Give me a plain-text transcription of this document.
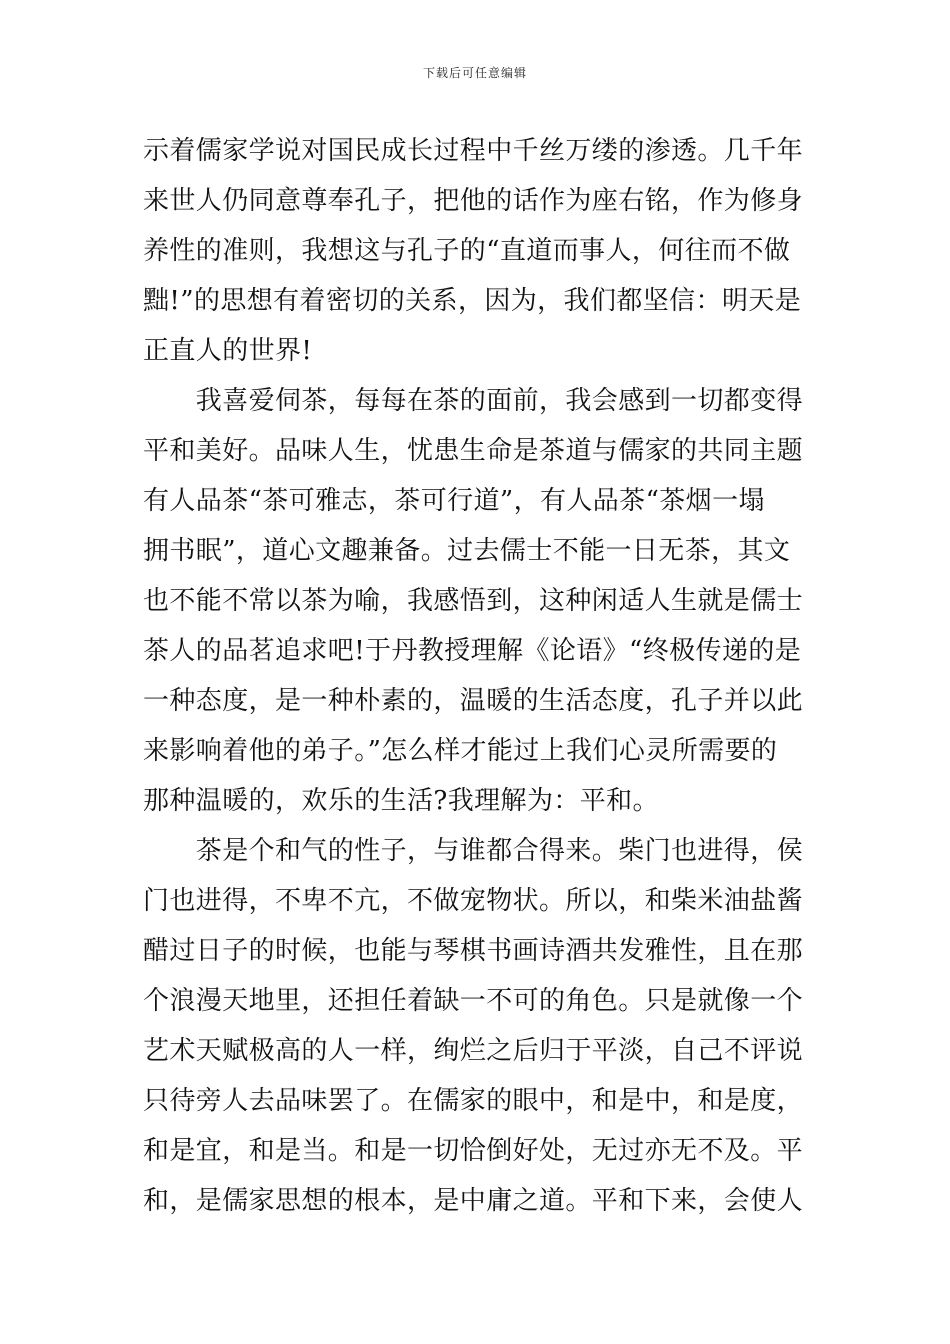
下载后可任意编辑
示着儒家学说对国民成长过程中千丝万缕的渗透。几千年
来世人仍同意尊奉孔子，把他的话作为座右铭，作为修身
养性的准则，我想这与孔子的“直道而事人，何往而不做
黜!”的思想有着密切的关系，因为，我们都坚信：明天是
正直人的世界!
　　我喜爱伺茶，每每在茶的面前，我会感到一切都变得
平和美好。品味人生，忧患生命是茶道与儒家的共同主题
有人品茶“茶可雅志，茶可行道”，有人品茶“茶烟一塌
拥书眠”，道心文趣兼备。过去儒士不能一日无茶，其文
也不能不常以茶为喻，我感悟到，这种闲适人生就是儒士
茶人的品茗追求吧!于丹教授理解《论语》“终极传递的是
一种态度，是一种朴素的，温暖的生活态度，孔子并以此
来影响着他的弟子。”怎么样才能过上我们心灵所需要的
那种温暖的，欢乐的生活?我理解为：平和。
　　茶是个和气的性子，与谁都合得来。柴门也进得，侯
门也进得，不卑不亢，不做宠物状。所以，和柴米油盐酱
醋过日子的时候，也能与琴棋书画诗酒共发雅性，且在那
个浪漫天地里，还担任着缺一不可的角色。只是就像一个
艺术天赋极高的人一样，绚烂之后归于平淡，自己不评说
只待旁人去品味罢了。在儒家的眼中，和是中，和是度，
和是宜，和是当。和是一切恰倒好处，无过亦无不及。平
和，是儒家思想的根本，是中庸之道。平和下来，会使人
